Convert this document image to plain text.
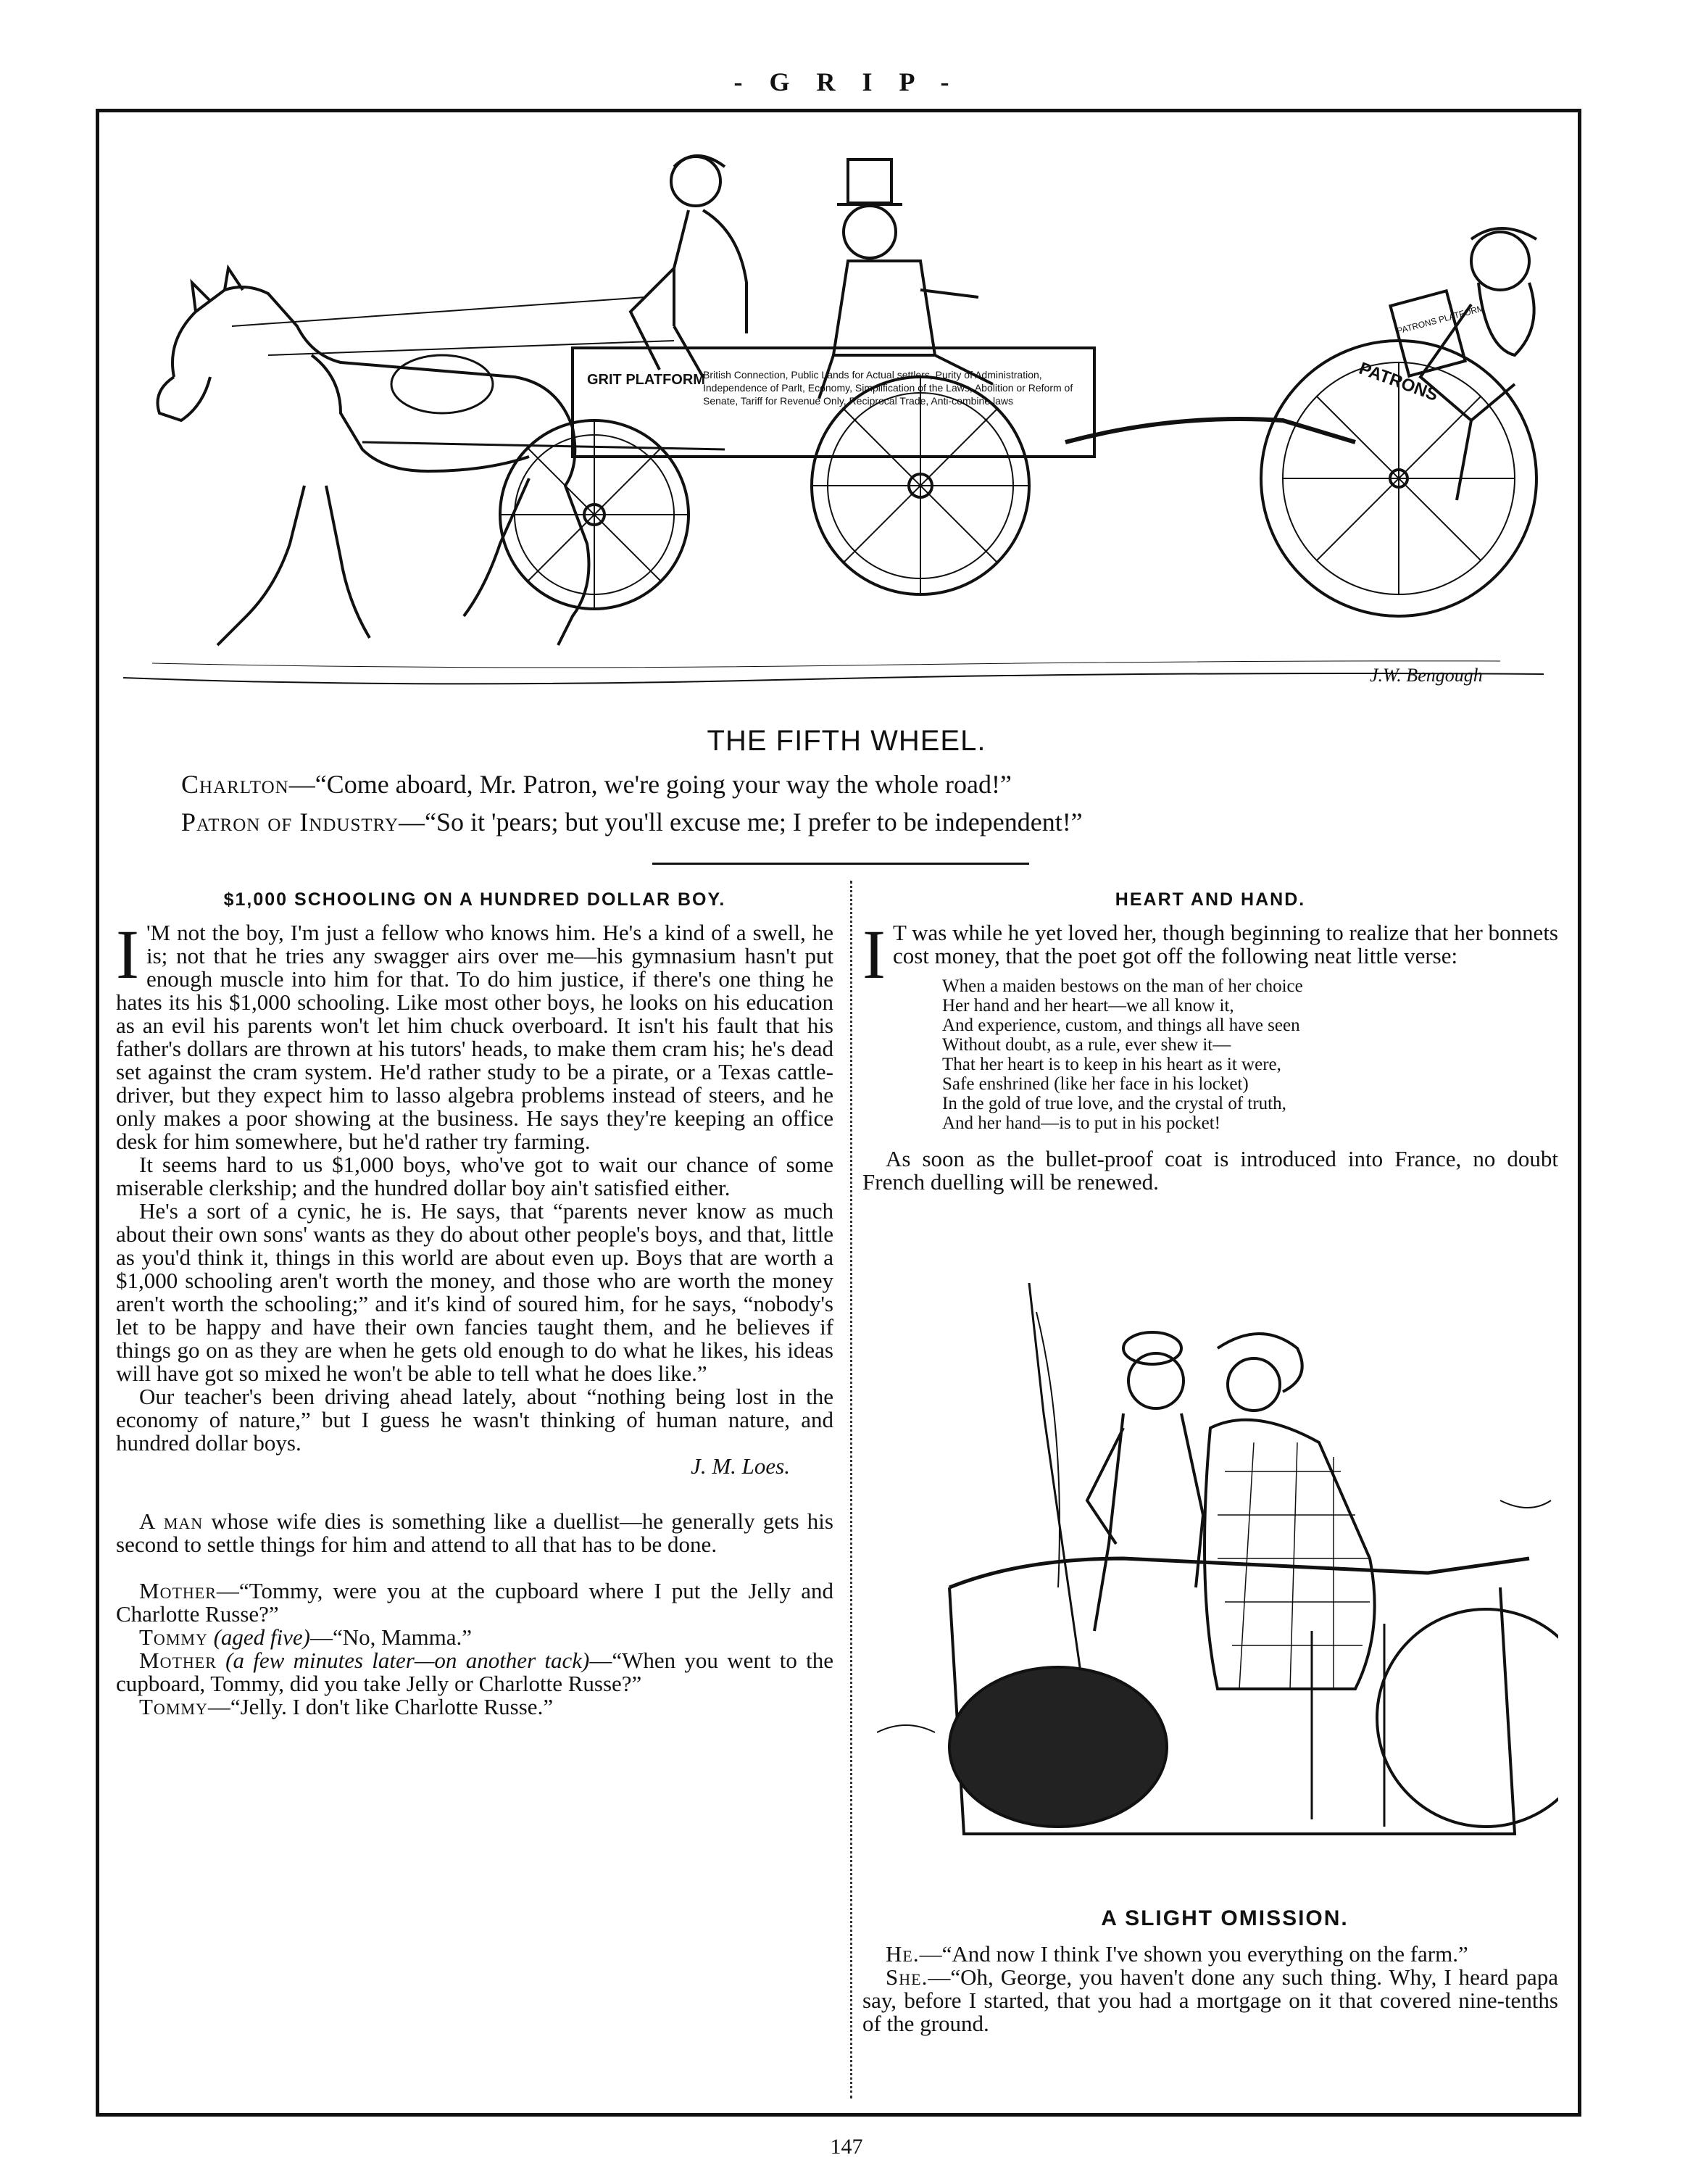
- G R I P -
GRIT PLATFORM
British Connection, Public Lands for Actual settlers, Purity of Administration, Independence of Parlt, Economy, Simplification of the Laws, Abolition or Reform of Senate, Tariff for Revenue Only, Reciprocal Trade, Anti-combine laws	PATRONS
PATRONS PLATFORM
J.W. Bengough
THE FIFTH WHEEL.
Charlton—“Come aboard, Mr. Patron, we're going your way the whole road!”
Patron of Industry—“So it 'pears; but you'll excuse me; I prefer to be independent!”
$1,000 SCHOOLING ON A HUNDRED DOLLAR BOY.

I 'M not the boy, I'm just a fellow who knows him. He's a kind of a swell, he is; not that he tries any swagger airs over me—his gymnasium hasn't put enough muscle into him for that. To do him justice, if there's one thing he hates its his $1,000 schooling. Like most other boys, he looks on his education as an evil his parents won't let him chuck overboard. It isn't his fault that his father's dollars are thrown at his tutors' heads, to make them cram his; he's dead set against the cram system. He'd rather study to be a pirate, or a Texas cattle-driver, but they expect him to lasso algebra problems instead of steers, and he only makes a poor showing at the business. He says they're keeping an office desk for him somewhere, but he'd rather try farming.

It seems hard to us $1,000 boys, who've got to wait our chance of some miserable clerkship; and the hundred dollar boy ain't satisfied either.

He's a sort of a cynic, he is. He says, that “parents never know as much about their own sons' wants as they do about other people's boys, and that, little as you'd think it, things in this world are about even up. Boys that are worth a $1,000 schooling aren't worth the money, and those who are worth the money aren't worth the schooling;” and it's kind of soured him, for he says, “nobody's let to be happy and have their own fancies taught them, and he believes if things go on as they are when he gets old enough to do what he likes, his ideas will have got so mixed he won't be able to tell what he does like.”

Our teacher's been driving ahead lately, about “nothing being lost in the economy of nature,” but I guess he wasn't thinking of human nature, and hundred dollar boys.

J. M. Loes.

A man whose wife dies is something like a duellist—he generally gets his second to settle things for him and attend to all that has to be done.

Mother—“Tommy, were you at the cupboard where I put the Jelly and Charlotte Russe?”

Tommy (aged five)—“No, Mamma.”

Mother (a few minutes later—on another tack)—“When you went to the cupboard, Tommy, did you take Jelly or Charlotte Russe?”

Tommy—“Jelly. I don't like Charlotte Russe.”

HEART AND HAND.

I T was while he yet loved her, though beginning to realize that her bonnets cost money, that the poet got off the following neat little verse:

When a maiden bestows on the man of her choice
Her hand and her heart—we all know it,
And experience, custom, and things all have seen
Without doubt, as a rule, ever shew it—
That her heart is to keep in his heart as it were,
Safe enshrined (like her face in his locket)
In the gold of true love, and the crystal of truth,
And her hand—is to put in his pocket!

As soon as the bullet-proof coat is introduced into France, no doubt French duelling will be renewed.

A SLIGHT OMISSION.

He.—“And now I think I've shown you everything on the farm.”

She.—“Oh, George, you haven't done any such thing. Why, I heard papa say, before I started, that you had a mortgage on it that covered nine-tenths of the ground.

147
